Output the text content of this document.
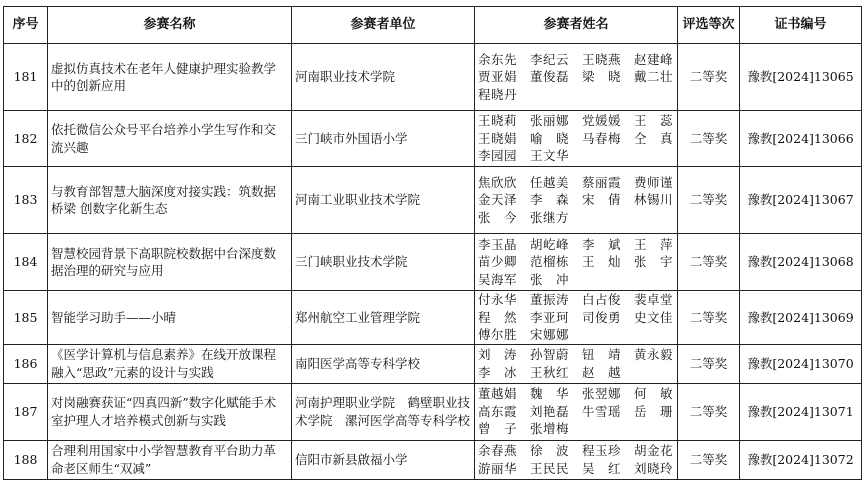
序号	参赛名称	参赛者单位	参赛者姓名	评选等次	证书编号
181	虚拟仿真技术在老年人健康护理实验教学中的创新应用	河南职业技术学院	余东先　李纪云　王晓燕　赵建峰
贾亚娟　董俊磊　梁　晓　戴二壮
程晓丹	二等奖	豫教[2024]13065
182	依托微信公众号平台培养小学生写作和交流兴趣	三门峡市外国语小学	王晓莉　张丽娜　党媛媛　王　蕊
王晓娟　喻　晓　马春梅　仝　真
李园园　王文华	二等奖	豫教[2024]13066
183	与教育部智慧大脑深度对接实践：筑数据桥梁 创数字化新生态	河南工业职业技术学院	焦欣欣　任越美　蔡丽霞　费师谨
金天泽　李　森　宋　倩　林锡川
张　今　张继方	二等奖	豫教[2024]13067
184	智慧校园背景下高职院校数据中台深度数据治理的研究与应用	三门峡职业技术学院	李玉晶　胡屹峰　李　斌　王　萍
苗少卿　范榴栋　王　灿　张　宇
吴海军　张　冲	二等奖	豫教[2024]13068
185	智能学习助手——小晴	郑州航空工业管理学院	付永华　董振涛　白占俊　裴卓堂
程　然　李亚珂　司俊勇　史文佳
傅尔胜　宋娜娜	二等奖	豫教[2024]13069
186	《医学计算机与信息素养》在线开放课程融入“思政”元素的设计与实践	南阳医学高等专科学校	刘　涛　孙智蔚　钮　靖　黄永毅
李　冰　王秋红　赵　越	二等奖	豫教[2024]13070
187	对岗融赛获证“四真四新”数字化赋能手术室护理人才培养模式创新与实践	河南护理职业学院　鹤壁职业技术学院　漯河医学高等专科学校	董越娟　魏　华　张翌娜　何　敏
高东霞　刘艳磊　牛雪瑶　岳　珊
曾　子　张增梅	二等奖	豫教[2024]13071
188	合理利用国家中小学智慧教育平台助力革命老区师生“双减”	信阳市新县啟福小学	余春燕　徐　波　程玉珍　胡金花
游丽华　王民民　吴　红　刘晓玲	二等奖	豫教[2024]13072
